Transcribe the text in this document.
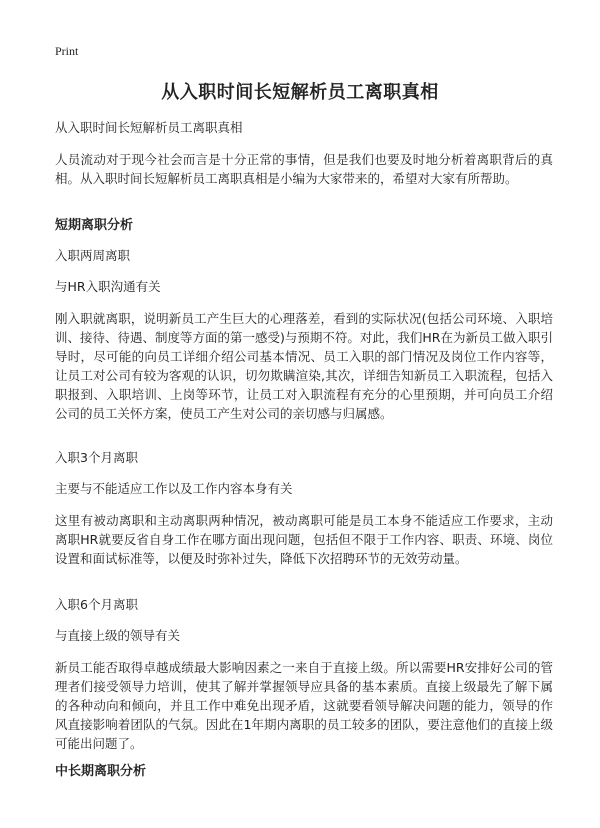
Print
从入职时间长短解析员工离职真相
从入职时间长短解析员工离职真相
人员流动对于现今社会而言是十分正常的事情，但是我们也要及时地分析着离职背后的真相。从入职时间长短解析员工离职真相是小编为大家带来的，希望对大家有所帮助。
短期离职分析
入职两周离职
与HR入职沟通有关
刚入职就离职，说明新员工产生巨大的心理落差，看到的实际状况(包括公司环境、入职培训、接待、待遇、制度等方面的第一感受)与预期不符。对此，我们HR在为新员工做入职引导时，尽可能的向员工详细介绍公司基本情况、员工入职的部门情况及岗位工作内容等，让员工对公司有较为客观的认识，切勿欺瞒渲染,其次，详细告知新员工入职流程，包括入职报到、入职培训、上岗等环节，让员工对入职流程有充分的心里预期，并可向员工介绍公司的员工关怀方案，使员工产生对公司的亲切感与归属感。
入职3个月离职
主要与不能适应工作以及工作内容本身有关
这里有被动离职和主动离职两种情况，被动离职可能是员工本身不能适应工作要求，主动离职HR就要反省自身工作在哪方面出现问题，包括但不限于工作内容、职责、环境、岗位设置和面试标准等，以便及时弥补过失，降低下次招聘环节的无效劳动量。
入职6个月离职
与直接上级的领导有关
新员工能否取得卓越成绩最大影响因素之一来自于直接上级。所以需要HR安排好公司的管理者们接受领导力培训，使其了解并掌握领导应具备的基本素质。直接上级最先了解下属的各种动向和倾向，并且工作中难免出现矛盾，这就要看领导解决问题的能力，领导的作风直接影响着团队的气氛。因此在1年期内离职的员工较多的团队，要注意他们的直接上级可能出问题了。
中长期离职分析
